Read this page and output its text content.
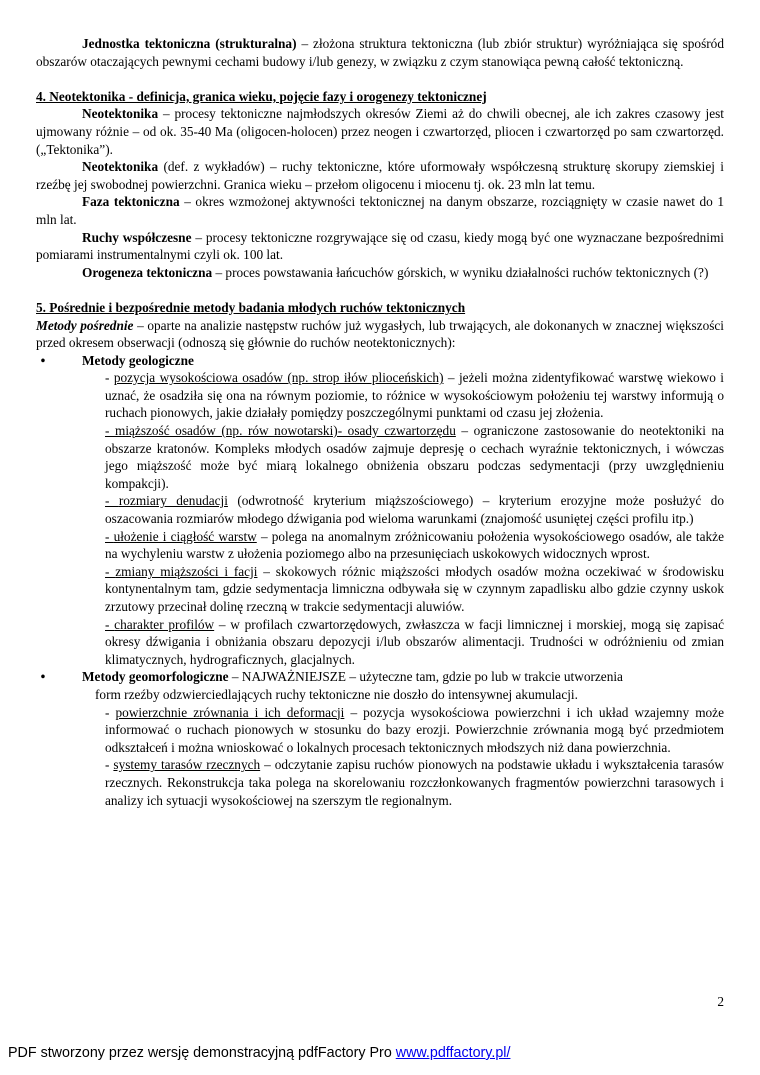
Jednostka tektoniczna (strukturalna) – złożona struktura tektoniczna (lub zbiór struktur) wyróżniająca się spośród obszarów otaczających pewnymi cechami budowy i/lub genezy, w związku z czym stanowiąca pewną całość tektoniczną.

4. Neotektonika - definicja, granica wieku, pojęcie fazy i orogenezy tektonicznej

Neotektonika – procesy tektoniczne najmłodszych okresów Ziemi aż do chwili obecnej, ale ich zakres czasowy jest ujmowany różnie – od ok. 35-40 Ma (oligocen-holocen) przez neogen i czwartorzęd, pliocen i czwartorzęd po sam czwartorzęd. („Tektonika”).

Neotektonika (def. z wykładów) – ruchy tektoniczne, które uformowały współczesną strukturę skorupy ziemskiej i rzeźbę jej swobodnej powierzchni. Granica wieku – przełom oligocenu i miocenu tj. ok. 23 mln lat temu.

Faza tektoniczna – okres wzmożonej aktywności tektonicznej na danym obszarze, rozciągnięty w czasie nawet do 1 mln lat.

Ruchy współczesne – procesy tektoniczne rozgrywające się od czasu, kiedy mogą być one wyznaczane bezpośrednimi pomiarami instrumentalnymi czyli ok. 100 lat.

Orogeneza tektoniczna – proces powstawania łańcuchów górskich, w wyniku działalności ruchów tektonicznych (?)

5. Pośrednie i bezpośrednie metody badania młodych ruchów tektonicznych

Metody pośrednie – oparte na analizie następstw ruchów już wygasłych, lub trwających, ale dokonanych w znacznej większości przed okresem obserwacji (odnoszą się głównie do ruchów neotektonicznych):

•	Metody geologiczne

- pozycja wysokościowa osadów (np. strop iłów plioceńskich) – jeżeli można zidentyfikować warstwę wiekowo i uznać, że osadziła się ona na równym poziomie, to różnice w wysokościowym położeniu tej warstwy informują o ruchach pionowych, jakie działały pomiędzy poszczególnymi punktami od czasu jej złożenia.

- miąższość osadów (np. rów nowotarski)- osady czwartorzędu – ograniczone zastosowanie do neotektoniki na obszarze kratonów. Kompleks młodych osadów zajmuje depresję o cechach wyraźnie tektonicznych, i wówczas jego miąższość może być miarą lokalnego obniżenia obszaru podczas sedymentacji (przy uwzględnieniu kompakcji).

- rozmiary denudacji (odwrotność kryterium miąższościowego) – kryterium erozyjne może posłużyć do oszacowania rozmiarów młodego dźwigania pod wieloma warunkami (znajomość usuniętej części profilu itp.)

- ułożenie i ciągłość warstw – polega na anomalnym zróżnicowaniu położenia wysokościowego osadów, ale także na wychyleniu warstw z ułożenia poziomego albo na przesunięciach uskokowych widocznych wprost.

- zmiany miąższości i facji – skokowych różnic miąższości młodych osadów można oczekiwać w środowisku kontynentalnym tam, gdzie sedymentacja limniczna odbywała się w czynnym zapadlisku albo gdzie czynny uskok zrzutowy przecinał dolinę rzeczną w trakcie sedymentacji aluwiów.

- charakter profilów – w profilach czwartorzędowych, zwłaszcza w facji limnicznej i morskiej, mogą się zapisać okresy dźwigania i obniżania obszaru depozycji i/lub obszarów alimentacji. Trudności w odróżnieniu od zmian klimatycznych, hydrograficznych, glacjalnych.

•	Metody geomorfologiczne – NAJWAŻNIEJSZE – użyteczne tam, gdzie po lub w trakcie utworzenia

form rzeźby odzwierciedlających ruchy tektoniczne nie doszło do intensywnej akumulacji.

- powierzchnie zrównania i ich deformacji – pozycja wysokościowa powierzchni i ich układ wzajemny może informować o ruchach pionowych w stosunku do bazy erozji. Powierzchnie zrównania mogą być przedmiotem odkształceń i można wnioskować o lokalnych procesach tektonicznych młodszych niż dana powierzchnia.

- systemy tarasów rzecznych – odczytanie zapisu ruchów pionowych na podstawie układu i wykształcenia tarasów rzecznych. Rekonstrukcja taka polega na skorelowaniu rozczłonkowanych fragmentów powierzchni tarasowych i analizy ich sytuacji wysokościowej na szerszym tle regionalnym.

2
PDF stworzony przez wersję demonstracyjną pdfFactory Pro www.pdffactory.pl/
